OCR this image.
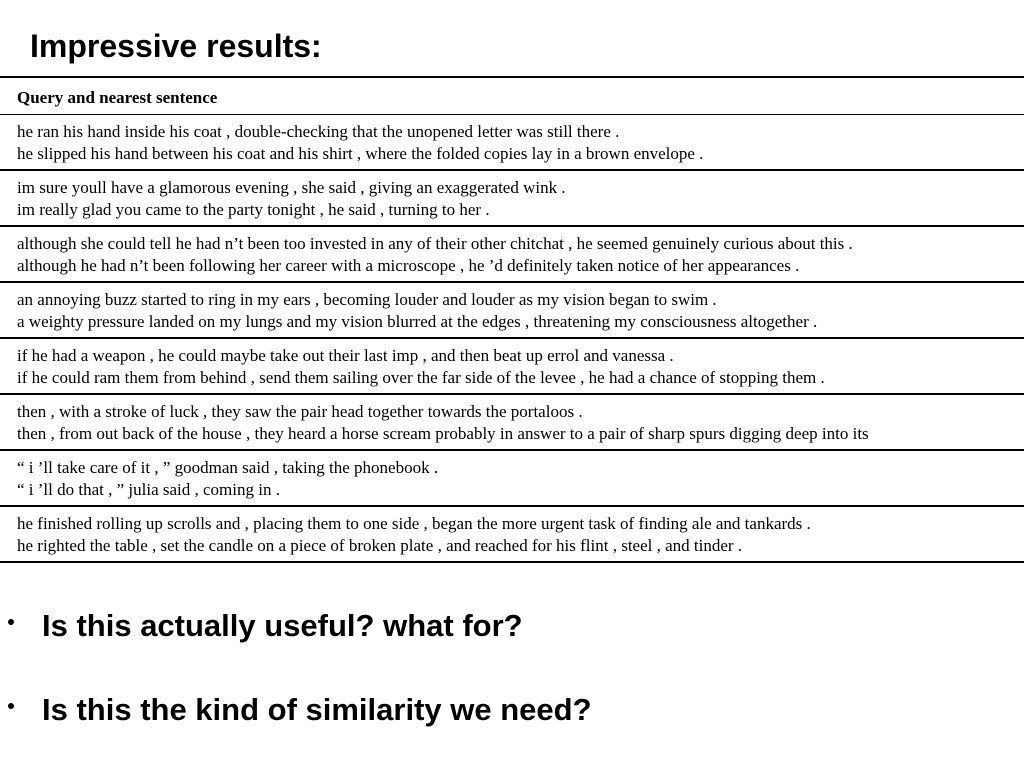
Impressive results:
Query and nearest sentence
he ran his hand inside his coat , double-checking that the unopened letter was still there .
he slipped his hand between his coat and his shirt , where the folded copies lay in a brown envelope .
im sure youll have a glamorous evening , she said , giving an exaggerated wink .
im really glad you came to the party tonight , he said , turning to her .
although she could tell he had n’t been too invested in any of their other chitchat , he seemed genuinely curious about this .
although he had n’t been following her career with a microscope , he ’d definitely taken notice of her appearances .
an annoying buzz started to ring in my ears , becoming louder and louder as my vision began to swim .
a weighty pressure landed on my lungs and my vision blurred at the edges , threatening my consciousness altogether .
if he had a weapon , he could maybe take out their last imp , and then beat up errol and vanessa .
if he could ram them from behind , send them sailing over the far side of the levee , he had a chance of stopping them .
then , with a stroke of luck , they saw the pair head together towards the portaloos .
then , from out back of the house , they heard a horse scream probably in answer to a pair of sharp spurs digging deep into its
“ i ’ll take care of it , ” goodman said , taking the phonebook .
“ i ’ll do that , ” julia said , coming in .
he finished rolling up scrolls and , placing them to one side , began the more urgent task of finding ale and tankards .
he righted the table , set the candle on a piece of broken plate , and reached for his flint , steel , and tinder .
Is this actually useful? what for?
Is this the kind of similarity we need?
